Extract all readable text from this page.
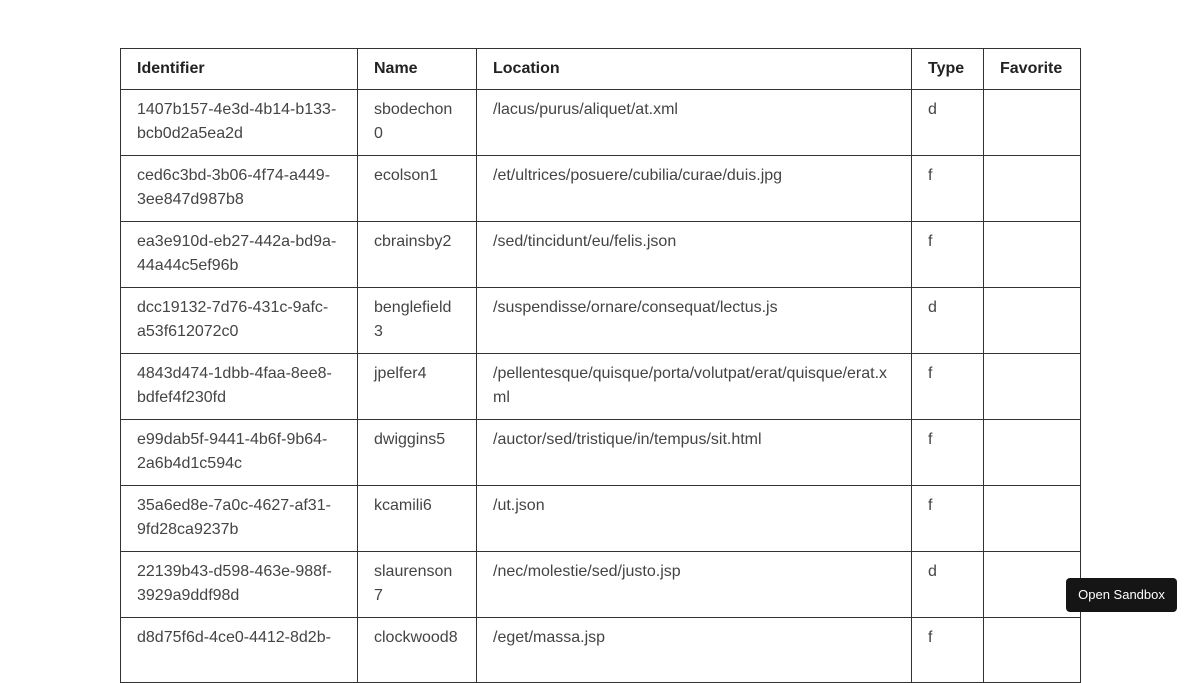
Identifier	Name	Location	Type	Favorite
1407b157-4e3d-4b14-b133-bcb0d2a5ea2d	sbodechon0	/lacus/purus/aliquet/at.xml	d	
ced6c3bd-3b06-4f74-a449-3ee847d987b8	ecolson1	/et/ultrices/posuere/cubilia/curae/duis.jpg	f	
ea3e910d-eb27-442a-bd9a-44a44c5ef96b	cbrainsby2	/sed/tincidunt/eu/felis.json	f	
dcc19132-7d76-431c-9afc-a53f612072c0	benglefield3	/suspendisse/ornare/consequat/lectus.js	d	
4843d474-1dbb-4faa-8ee8-bdfef4f230fd	jpelfer4	/pellentesque/quisque/porta/volutpat/erat/quisque/erat.xml	f	
e99dab5f-9441-4b6f-9b64-2a6b4d1c594c	dwiggins5	/auctor/sed/tristique/in/tempus/sit.html	f	
35a6ed8e-7a0c-4627-af31-9fd28ca9237b	kcamili6	/ut.json	f	
22139b43-d598-463e-988f-3929a9ddf98d	slaurenson7	/nec/molestie/sed/justo.jsp	d	
d8d75f6d-4ce0-4412-8d2b-	clockwood8	/eget/massa.jsp	f	
Open Sandbox
